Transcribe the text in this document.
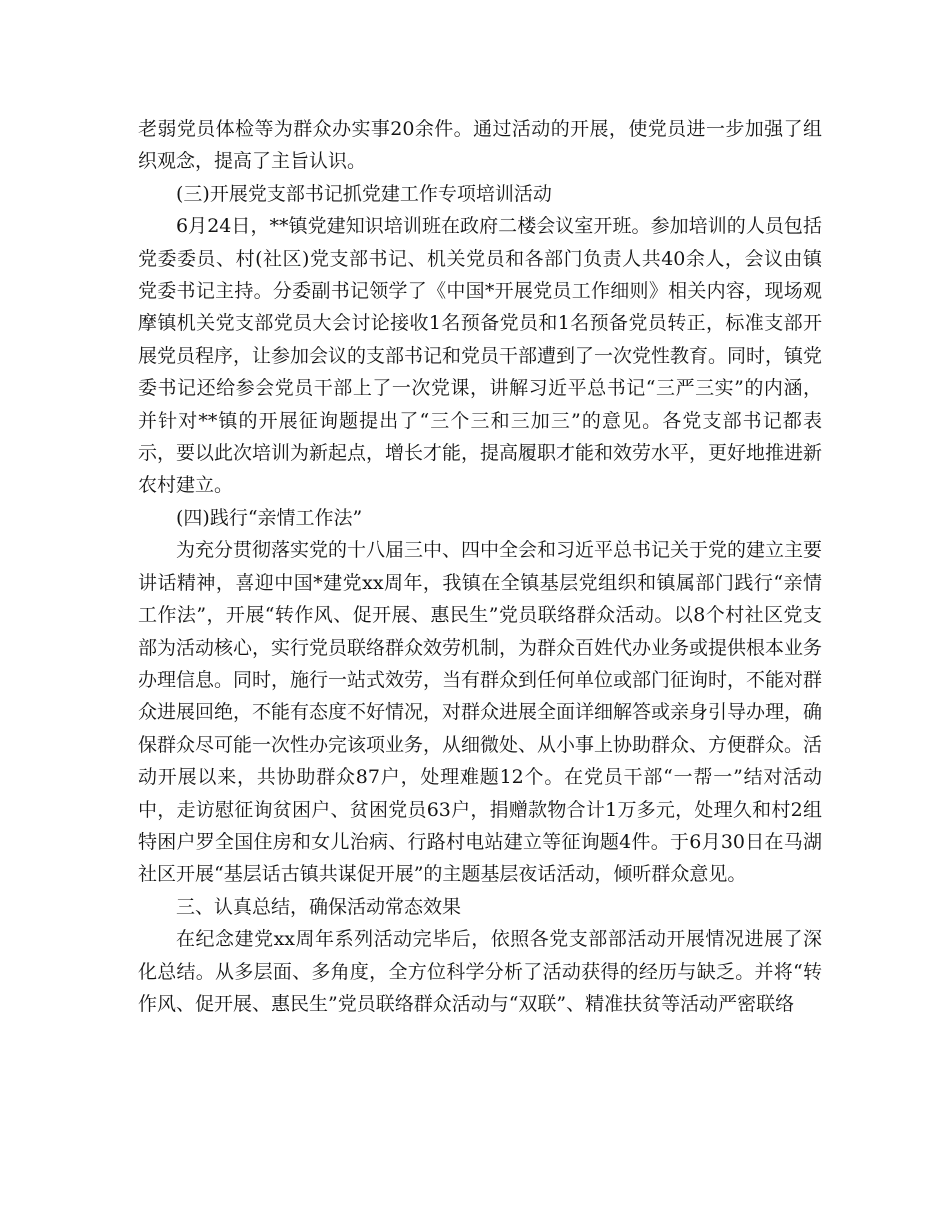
老弱党员体检等为群众办实事20余件。通过活动的开展，使党员进一步加强了组织观念，提高了主旨认识。

(三)开展党支部书记抓党建工作专项培训活动

6月24日，**镇党建知识培训班在政府二楼会议室开班。参加培训的人员包括党委委员、村(社区)党支部书记、机关党员和各部门负责人共40余人，会议由镇党委书记主持。分委副书记领学了《中国*开展党员工作细则》相关内容，现场观摩镇机关党支部党员大会讨论接收1名预备党员和1名预备党员转正，标准支部开展党员程序，让参加会议的支部书记和党员干部遭到了一次党性教育。同时，镇党委书记还给参会党员干部上了一次党课，讲解习近平总书记“三严三实”的内涵，并针对**镇的开展征询题提出了“三个三和三加三”的意见。各党支部书记都表示，要以此次培训为新起点，增长才能，提高履职才能和效劳水平，更好地推进新农村建立。

(四)践行“亲情工作法”

为充分贯彻落实党的十八届三中、四中全会和习近平总书记关于党的建立主要讲话精神，喜迎中国*建党xx周年，我镇在全镇基层党组织和镇属部门践行“亲情工作法”，开展“转作风、促开展、惠民生”党员联络群众活动。以8个村社区党支部为活动核心，实行党员联络群众效劳机制，为群众百姓代办业务或提供根本业务办理信息。同时，施行一站式效劳，当有群众到任何单位或部门征询时，不能对群众进展回绝，不能有态度不好情况，对群众进展全面详细解答或亲身引导办理，确保群众尽可能一次性办完该项业务，从细微处、从小事上协助群众、方便群众。活动开展以来，共协助群众87户，处理难题12个。在党员干部“一帮一”结对活动中，走访慰征询贫困户、贫困党员63户，捐赠款物合计1万多元，处理久和村2组特困户罗全国住房和女儿治病、行路村电站建立等征询题4件。于6月30日在马湖社区开展“基层话古镇共谋促开展”的主题基层夜话活动，倾听群众意见。

三、认真总结，确保活动常态效果

在纪念建党xx周年系列活动完毕后，依照各党支部部活动开展情况进展了深化总结。从多层面、多角度，全方位科学分析了活动获得的经历与缺乏。并将“转作风、促开展、惠民生”党员联络群众活动与“双联”、精准扶贫等活动严密联络
